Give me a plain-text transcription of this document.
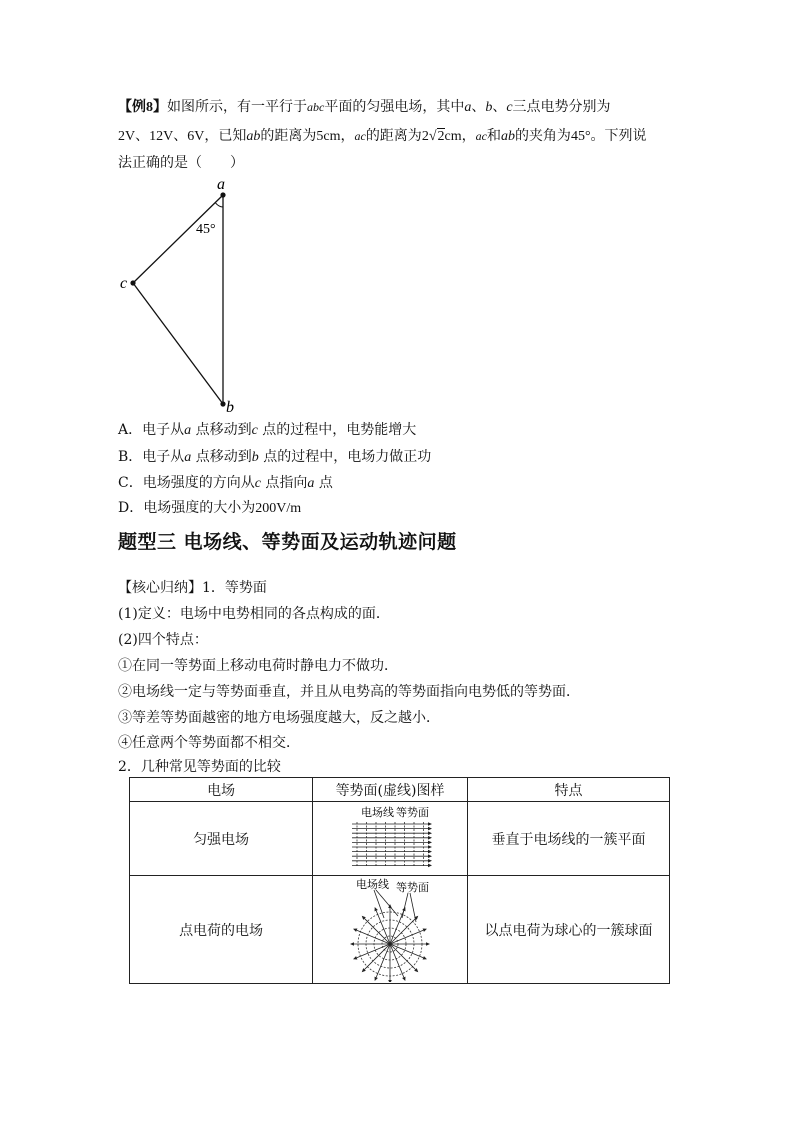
【例8】如图所示，有一平行于abc平面的匀强电场，其中a、b、c三点电势分别为
2V、12V、6V，已知ab的距离为5cm，ac的距离为2√2cm，ac和ab的夹角为45°。下列说
法正确的是（　　）
a
c
b
45°
A．电子从a 点移动到c 点的过程中，电势能增大
B．电子从a 点移动到b 点的过程中，电场力做正功
C．电场强度的方向从c 点指向a 点
D．电场强度的大小为200V/m
题型三 电场线、等势面及运动轨迹问题
【核心归纳】1．等势面
(1)定义：电场中电势相同的各点构成的面．
(2)四个特点：
①在同一等势面上移动电荷时静电力不做功．
②电场线一定与等势面垂直，并且从电势高的等势面指向电势低的等势面．
③等差等势面越密的地方电场强度越大，反之越小．
④任意两个等势面都不相交．
2．几种常见等势面的比较
电场	等势面(虚线)图样	特点
匀强电场	电场线 等势面	垂直于电场线的一簇平面
点电荷的电场	电场线 等势面	以点电荷为球心的一簇球面
